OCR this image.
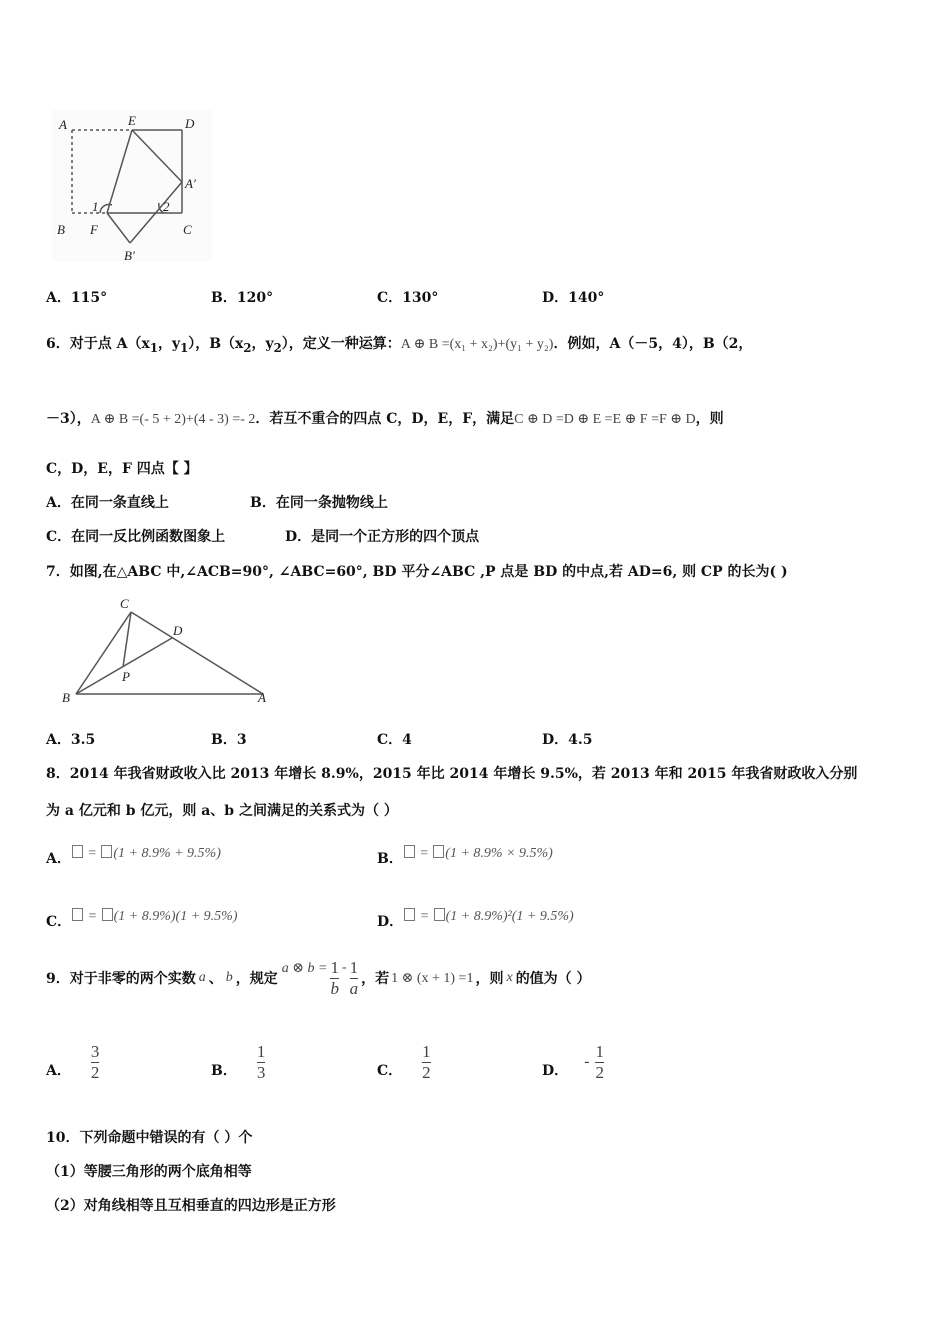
A	E	D
A′
B F	C
B′
1	2
A．115°	B．120°	C．130°	D．140°
6．对于点 $A(x_1$，$y_1$），$B(x_2$，$y_2$），定义一种运算：A ⊕ B =(x₁ + x₂)+(y₁ + y₂)．例如，A（－5，4），B（2，
－3），A ⊕ B =(- 5 + 2)+(4 - 3) =- 2．若互不重合的四点 C，D，E，F，满足C ⊕ D =D ⊕ E =E ⊕ F =F ⊕ D，则
C，D，E，F 四点【 】
A．在同一条直线上	B．在同一条抛物线上
C．在同一反比例函数图象上	D．是同一个正方形的四个顶点
7．如图,在△ABC 中,∠ACB=90°, ∠ABC=60°, BD 平分∠ABC ,P 点是 BD 的中点,若 AD=6, 则 CP 的长为( )
C
D
P
B	A
A．3.5	B．3	C．4	D．4.5
8．2014 年我省财政收入比 2013 年增长 8.9%，2015 年比 2014 年增长 9.5%，若 2013 年和 2015 年我省财政收入分别
为 a 亿元和 b 亿元，则 a、b 之间满足的关系式为（ ）
A． = (1 + 8.9% + 9.5%)	B． = (1 + 8.9% × 9.5%)
C． = (1 + 8.9%)(1 + 9.5%)	D． = (1 + 8.9%)²(1 + 9.5%)
9．对于非零的两个实数 a 、 b ，规定
a ⊗ $b = \frac{1}{b} - \frac{1}{a}$ ，若 1 ⊗ (x + 1) =1 ，则 x 的值为（ ）
A． $\frac{3}{2}$	B． $\frac{1}{3}$	C． $\frac{1}{2}$	D．
- $\frac{1}{2}$
10．下列命题中错误的有（ ）个
（1）等腰三角形的两个底角相等
（2）对角线相等且互相垂直的四边形是正方形
